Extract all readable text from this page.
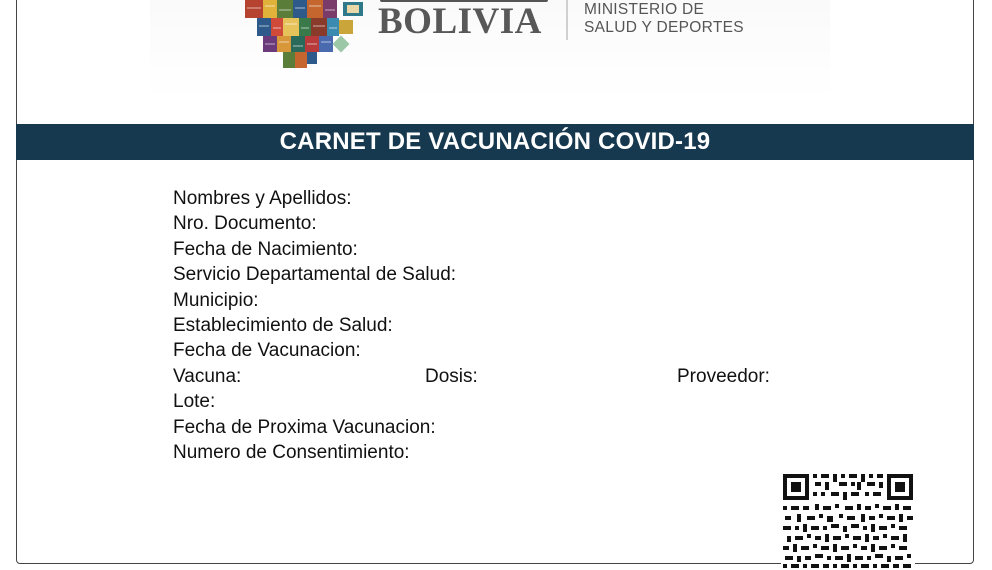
BOLIVIA	MINISTERIO DE
SALUD Y DEPORTES
CARNET DE VACUNACIÓN COVID-19
Nombres y Apellidos:
Nro. Documento:
Fecha de Nacimiento:
Servicio Departamental de Salud:
Municipio:
Establecimiento de Salud:
Fecha de Vacunacion:
Vacuna:	Dosis:	Proveedor:
Lote:
Fecha de Proxima Vacunacion:
Numero de Consentimiento:
